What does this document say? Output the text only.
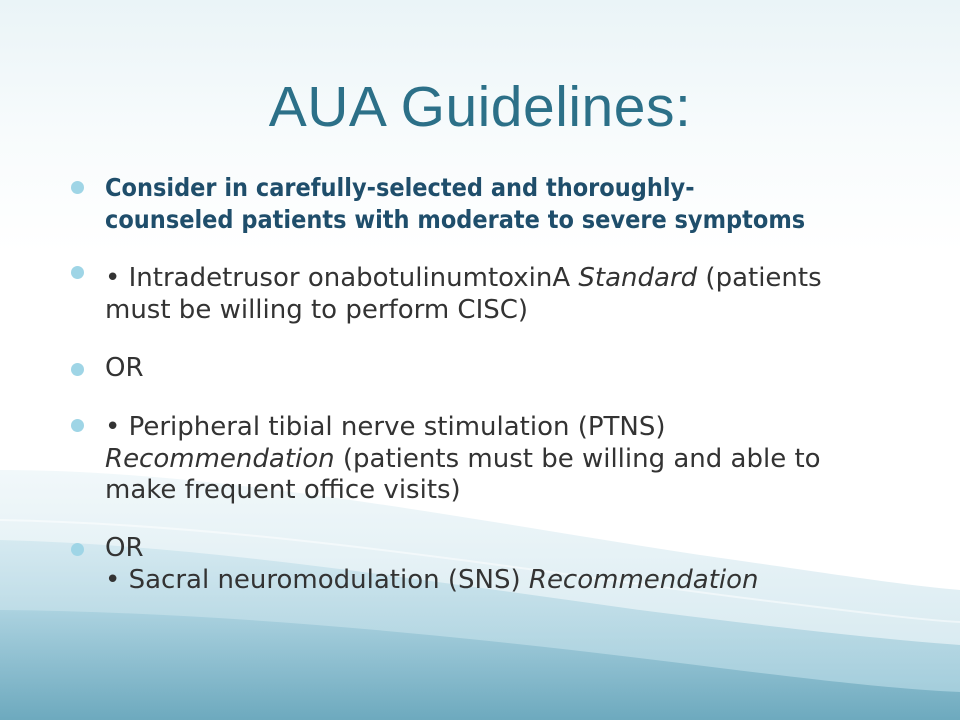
AUA Guidelines:
Consider in carefully-selected and thoroughly-
counseled patients with moderate to severe symptoms
• Intradetrusor onabotulinumtoxinA Standard (patients
must be willing to perform CISC)
OR
• Peripheral tibial nerve stimulation (PTNS)
Recommendation (patients must be willing and able to
make frequent office visits)
OR
• Sacral neuromodulation (SNS) Recommendation
